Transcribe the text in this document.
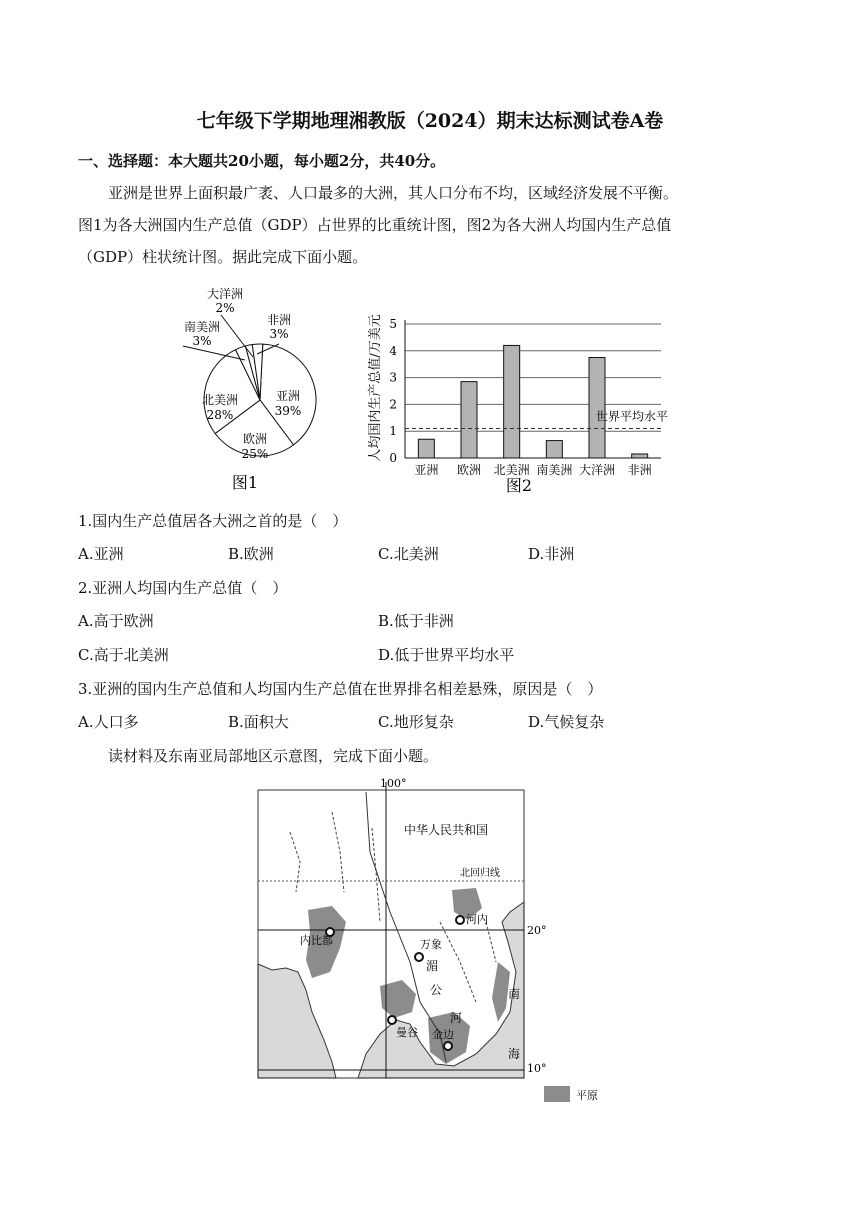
七年级下学期地理湘教版（2024）期末达标测试卷A卷
一、选择题：本大题共20小题，每小题2分，共40分。
亚洲是世界上面积最广袤、人口最多的大洲，其人口分布不均，区域经济发展不平衡。
图1为各大洲国内生产总值（GDP）占世界的比重统计图，图2为各大洲人均国内生产总值
（GDP）柱状统计图。据此完成下面小题。
大洋洲
2%
南美洲
3%
非洲
3%
亚洲
39%
欧洲
25%
北美洲
28%
图1
人均国内生产总值/万美元 0
1
2
3
4
5
亚洲 欧洲 北美洲 南美洲 大洋洲 非洲
世界平均水平
图2
1.国内生产总值居各大洲之首的是（　）
A.亚洲	B.欧洲	C.北美洲	D.非洲
2.亚洲人均国内生产总值（　）
A.高于欧洲	B.低于非洲
C.高于北美洲	D.低于世界平均水平
3.亚洲的国内生产总值和人均国内生产总值在世界排名相差悬殊，原因是（　）
A.人口多	B.面积大	C.地形复杂	D.气候复杂
读材料及东南亚局部地区示意图，完成下面小题。
100°
20°
10°
中华人民共和国
北回归线
河内
内比都	万象
湄
公
河
曼谷 金边
南
海
平原
